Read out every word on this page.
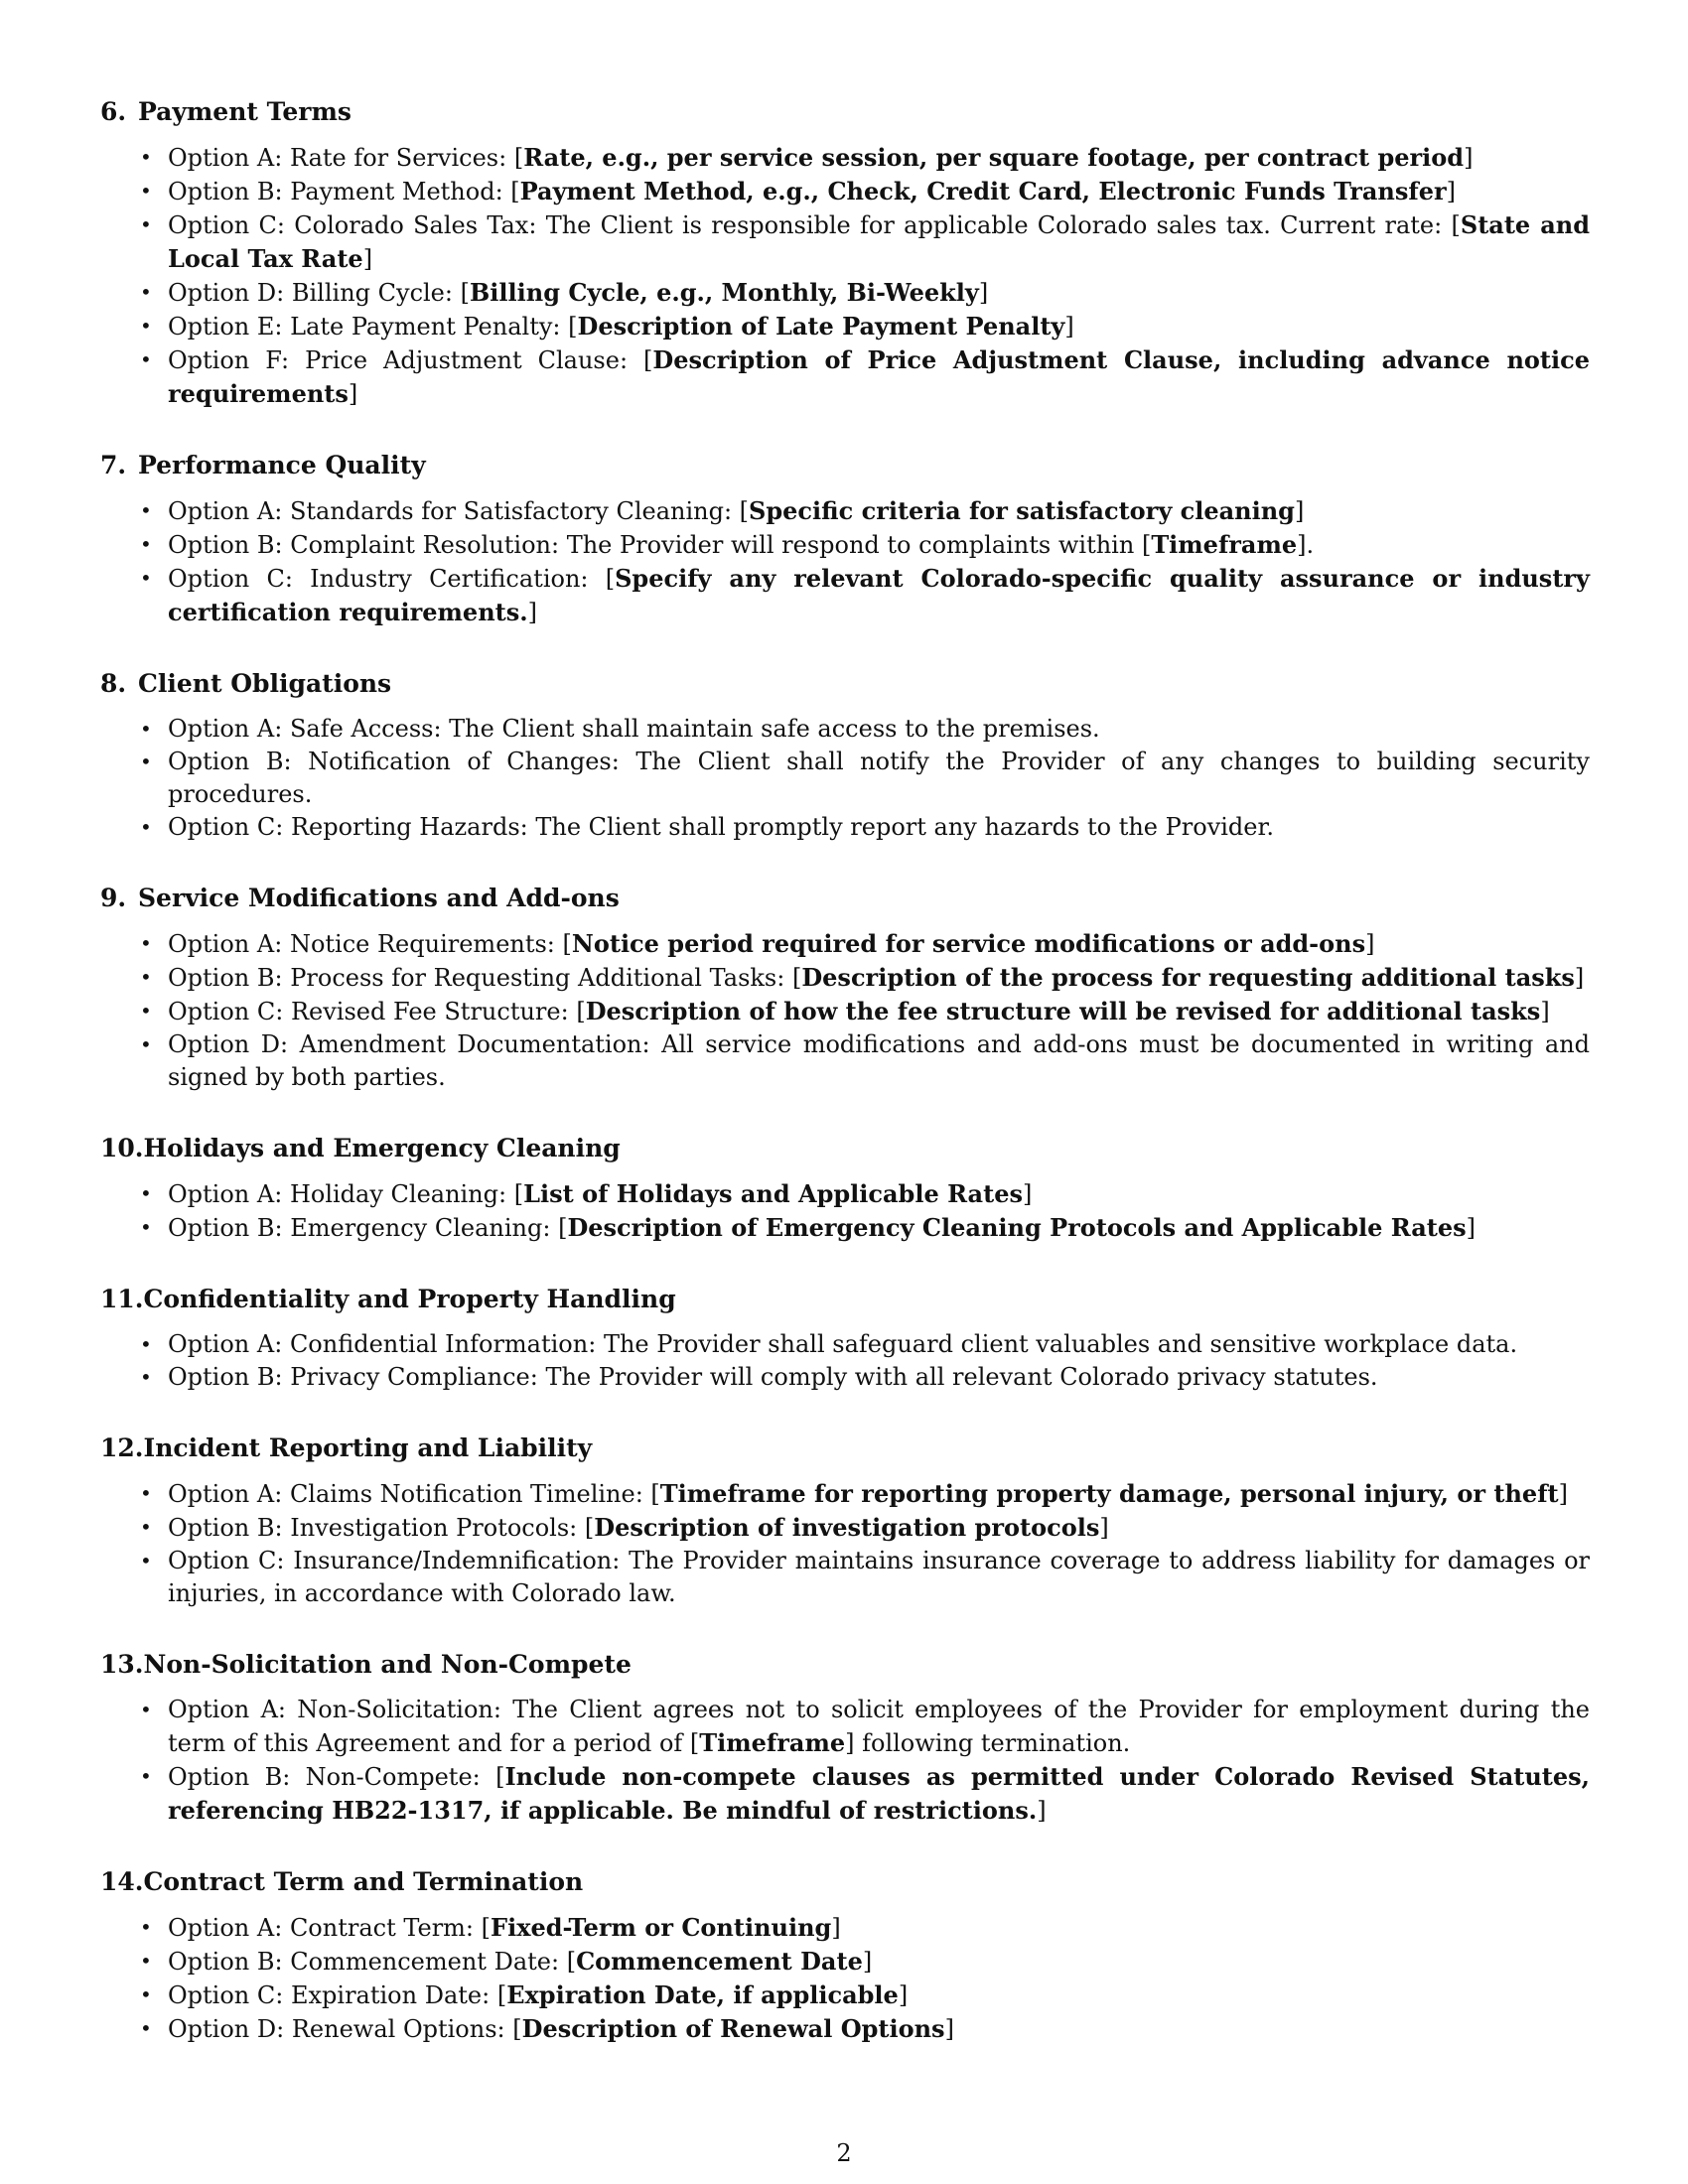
6. Payment Terms
• Option A: Rate for Services: [Rate, e.g., per service session, per square footage, per contract period]
• Option B: Payment Method: [Payment Method, e.g., Check, Credit Card, Electronic Funds Transfer]
• Option C: Colorado Sales Tax: The Client is responsible for applicable Colorado sales tax. Current rate: [State and Local Tax Rate]
• Option D: Billing Cycle: [Billing Cycle, e.g., Monthly, Bi-Weekly]
• Option E: Late Payment Penalty: [Description of Late Payment Penalty]
• Option F: Price Adjustment Clause: [Description of Price Adjustment Clause, including advance notice requirements]
7. Performance Quality
• Option A: Standards for Satisfactory Cleaning: [Specific criteria for satisfactory cleaning]
• Option B: Complaint Resolution: The Provider will respond to complaints within [Timeframe].
• Option C: Industry Certification: [Specify any relevant Colorado-specific quality assurance or industry certification requirements.]
8. Client Obligations
• Option A: Safe Access: The Client shall maintain safe access to the premises.
• Option B: Notification of Changes: The Client shall notify the Provider of any changes to building security procedures.
• Option C: Reporting Hazards: The Client shall promptly report any hazards to the Provider.
9. Service Modifications and Add-ons
• Option A: Notice Requirements: [Notice period required for service modifications or add-ons]
• Option B: Process for Requesting Additional Tasks: [Description of the process for requesting additional tasks]
• Option C: Revised Fee Structure: [Description of how the fee structure will be revised for additional tasks]
• Option D: Amendment Documentation: All service modifications and add-ons must be documented in writing and signed by both parties.
10.Holidays and Emergency Cleaning
• Option A: Holiday Cleaning: [List of Holidays and Applicable Rates]
• Option B: Emergency Cleaning: [Description of Emergency Cleaning Protocols and Applicable Rates]
11.Confidentiality and Property Handling
• Option A: Confidential Information: The Provider shall safeguard client valuables and sensitive workplace data.
• Option B: Privacy Compliance: The Provider will comply with all relevant Colorado privacy statutes.
12.Incident Reporting and Liability
• Option A: Claims Notification Timeline: [Timeframe for reporting property damage, personal injury, or theft]
• Option B: Investigation Protocols: [Description of investigation protocols]
• Option C: Insurance/Indemnification: The Provider maintains insurance coverage to address liability for damages or injuries, in accordance with Colorado law.
13.Non-Solicitation and Non-Compete
• Option A: Non-Solicitation: The Client agrees not to solicit employees of the Provider for employment during the term of this Agreement and for a period of [Timeframe] following termination.
• Option B: Non-Compete: [Include non-compete clauses as permitted under Colorado Revised Statutes, referencing HB22-1317, if applicable. Be mindful of restrictions.]
14.Contract Term and Termination
• Option A: Contract Term: [Fixed-Term or Continuing]
• Option B: Commencement Date: [Commencement Date]
• Option C: Expiration Date: [Expiration Date, if applicable]
• Option D: Renewal Options: [Description of Renewal Options]
2
